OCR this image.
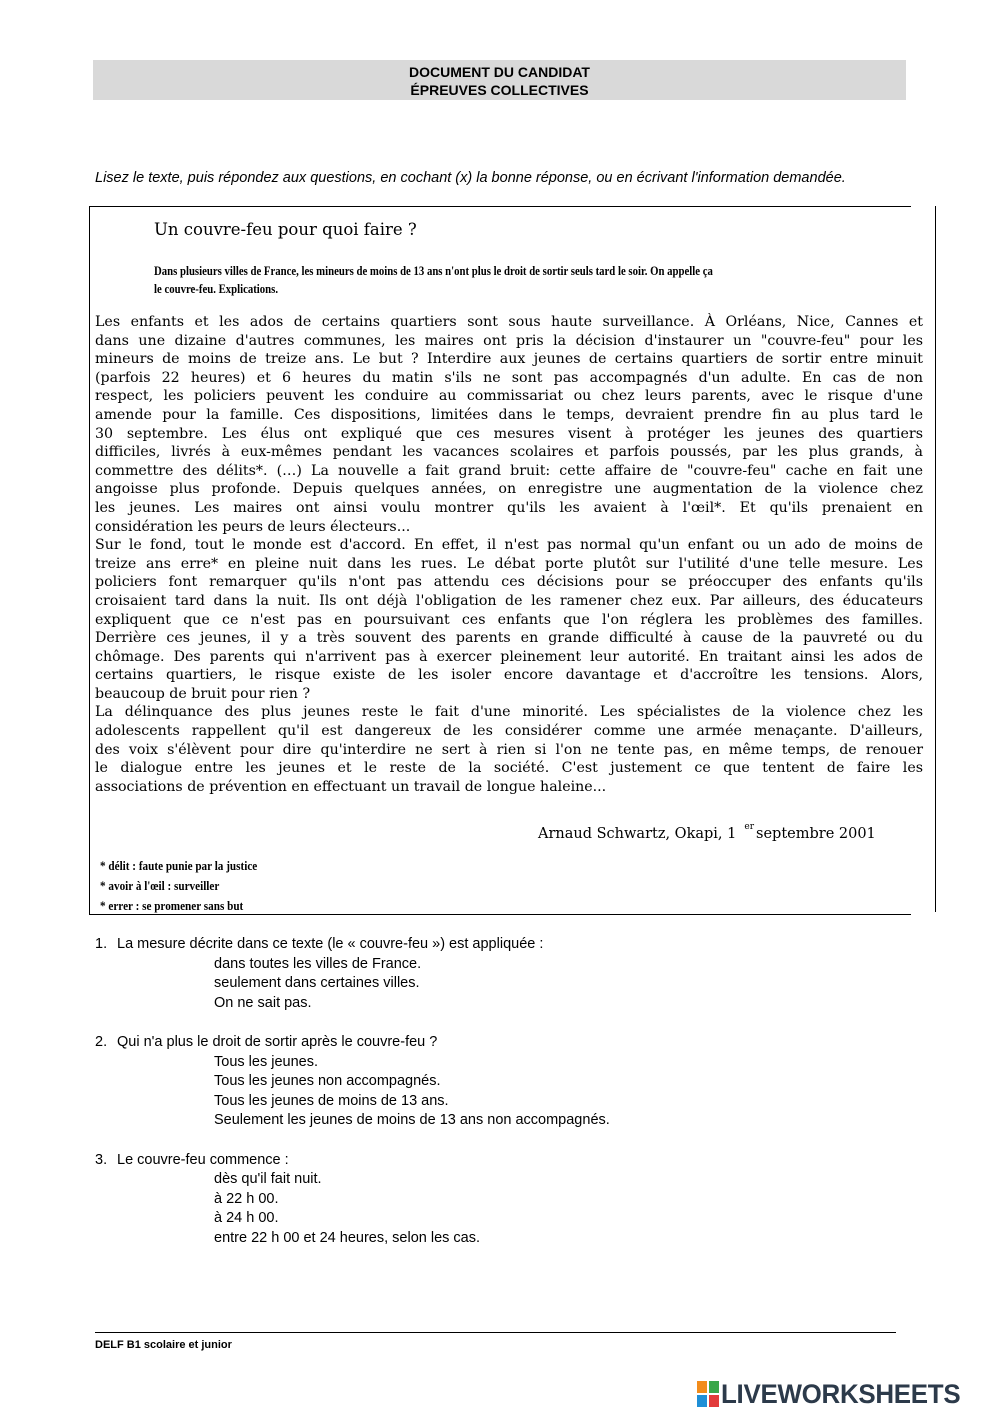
DOCUMENT DU CANDIDAT
ÉPREUVES COLLECTIVES
Lisez le texte, puis répondez aux questions, en cochant (x) la bonne réponse, ou en écrivant l'information demandée.
Un couvre-feu pour quoi faire ?
Dans plusieurs villes de France, les mineurs de moins de 13 ans n'ont plus le droit de sortir seuls tard le soir. On appelle ça
le couvre-feu. Explications.
Les enfants et les ados de certains quartiers sont sous haute surveillance. À Orléans, Nice, Cannes et
dans une dizaine d'autres communes, les maires ont pris la décision d'instaurer un "couvre-feu" pour les
mineurs de moins de treize ans. Le but ? Interdire aux jeunes de certains quartiers de sortir entre minuit
(parfois 22 heures) et 6 heures du matin s'ils ne sont pas accompagnés d'un adulte. En cas de non
respect, les policiers peuvent les conduire au commissariat ou chez leurs parents, avec le risque d'une
amende pour la famille. Ces dispositions, limitées dans le temps, devraient prendre fin au plus tard le
30 septembre. Les élus ont expliqué que ces mesures visent à protéger les jeunes des quartiers
difficiles, livrés à eux-mêmes pendant les vacances scolaires et parfois poussés, par les plus grands, à
commettre des délits*. (…) La nouvelle a fait grand bruit: cette affaire de "couvre-feu" cache en fait une
angoisse plus profonde. Depuis quelques années, on enregistre une augmentation de la violence chez
les jeunes. Les maires ont ainsi voulu montrer qu'ils les avaient à l'œil*. Et qu'ils prenaient en
considération les peurs de leurs électeurs...
Sur le fond, tout le monde est d'accord. En effet, il n'est pas normal qu'un enfant ou un ado de moins de
treize ans erre* en pleine nuit dans les rues. Le débat porte plutôt sur l'utilité d'une telle mesure. Les
policiers font remarquer qu'ils n'ont pas attendu ces décisions pour se préoccuper des enfants qu'ils
croisaient tard dans la nuit. Ils ont déjà l'obligation de les ramener chez eux. Par ailleurs, des éducateurs
expliquent que ce n'est pas en poursuivant ces enfants que l'on réglera les problèmes des familles.
Derrière ces jeunes, il y a très souvent des parents en grande difficulté à cause de la pauvreté ou du
chômage. Des parents qui n'arrivent pas à exercer pleinement leur autorité. En traitant ainsi les ados de
certains quartiers, le risque existe de les isoler encore davantage et d'accroître les tensions. Alors,
beaucoup de bruit pour rien ?
La délinquance des plus jeunes reste le fait d'une minorité. Les spécialistes de la violence chez les
adolescents rappellent qu'il est dangereux de les considérer comme une armée menaçante. D'ailleurs,
des voix s'élèvent pour dire qu'interdire ne sert à rien si l'on ne tente pas, en même temps, de renouer
le dialogue entre les jeunes et le reste de la société. C'est justement ce que tentent de faire les
associations de prévention en effectuant un travail de longue haleine...
Arnaud Schwartz, Okapi, 1 $^{er}$ septembre 2001
* délit : faute punie par la justice
* avoir à l'œil : surveiller
* errer : se promener sans but
1. La mesure décrite dans ce texte (le « couvre-feu ») est appliquée :
dans toutes les villes de France.
seulement dans certaines villes.
On ne sait pas.
2. Qui n'a plus le droit de sortir après le couvre-feu ?
Tous les jeunes.
Tous les jeunes non accompagnés.
Tous les jeunes de moins de 13 ans.
Seulement les jeunes de moins de 13 ans non accompagnés.
3. Le couvre-feu commence :
dès qu'il fait nuit.
à 22 h 00.
à 24 h 00.
entre 22 h 00 et 24 heures, selon les cas.
DELF B1 scolaire et junior
LIVEWORKSHEETS
